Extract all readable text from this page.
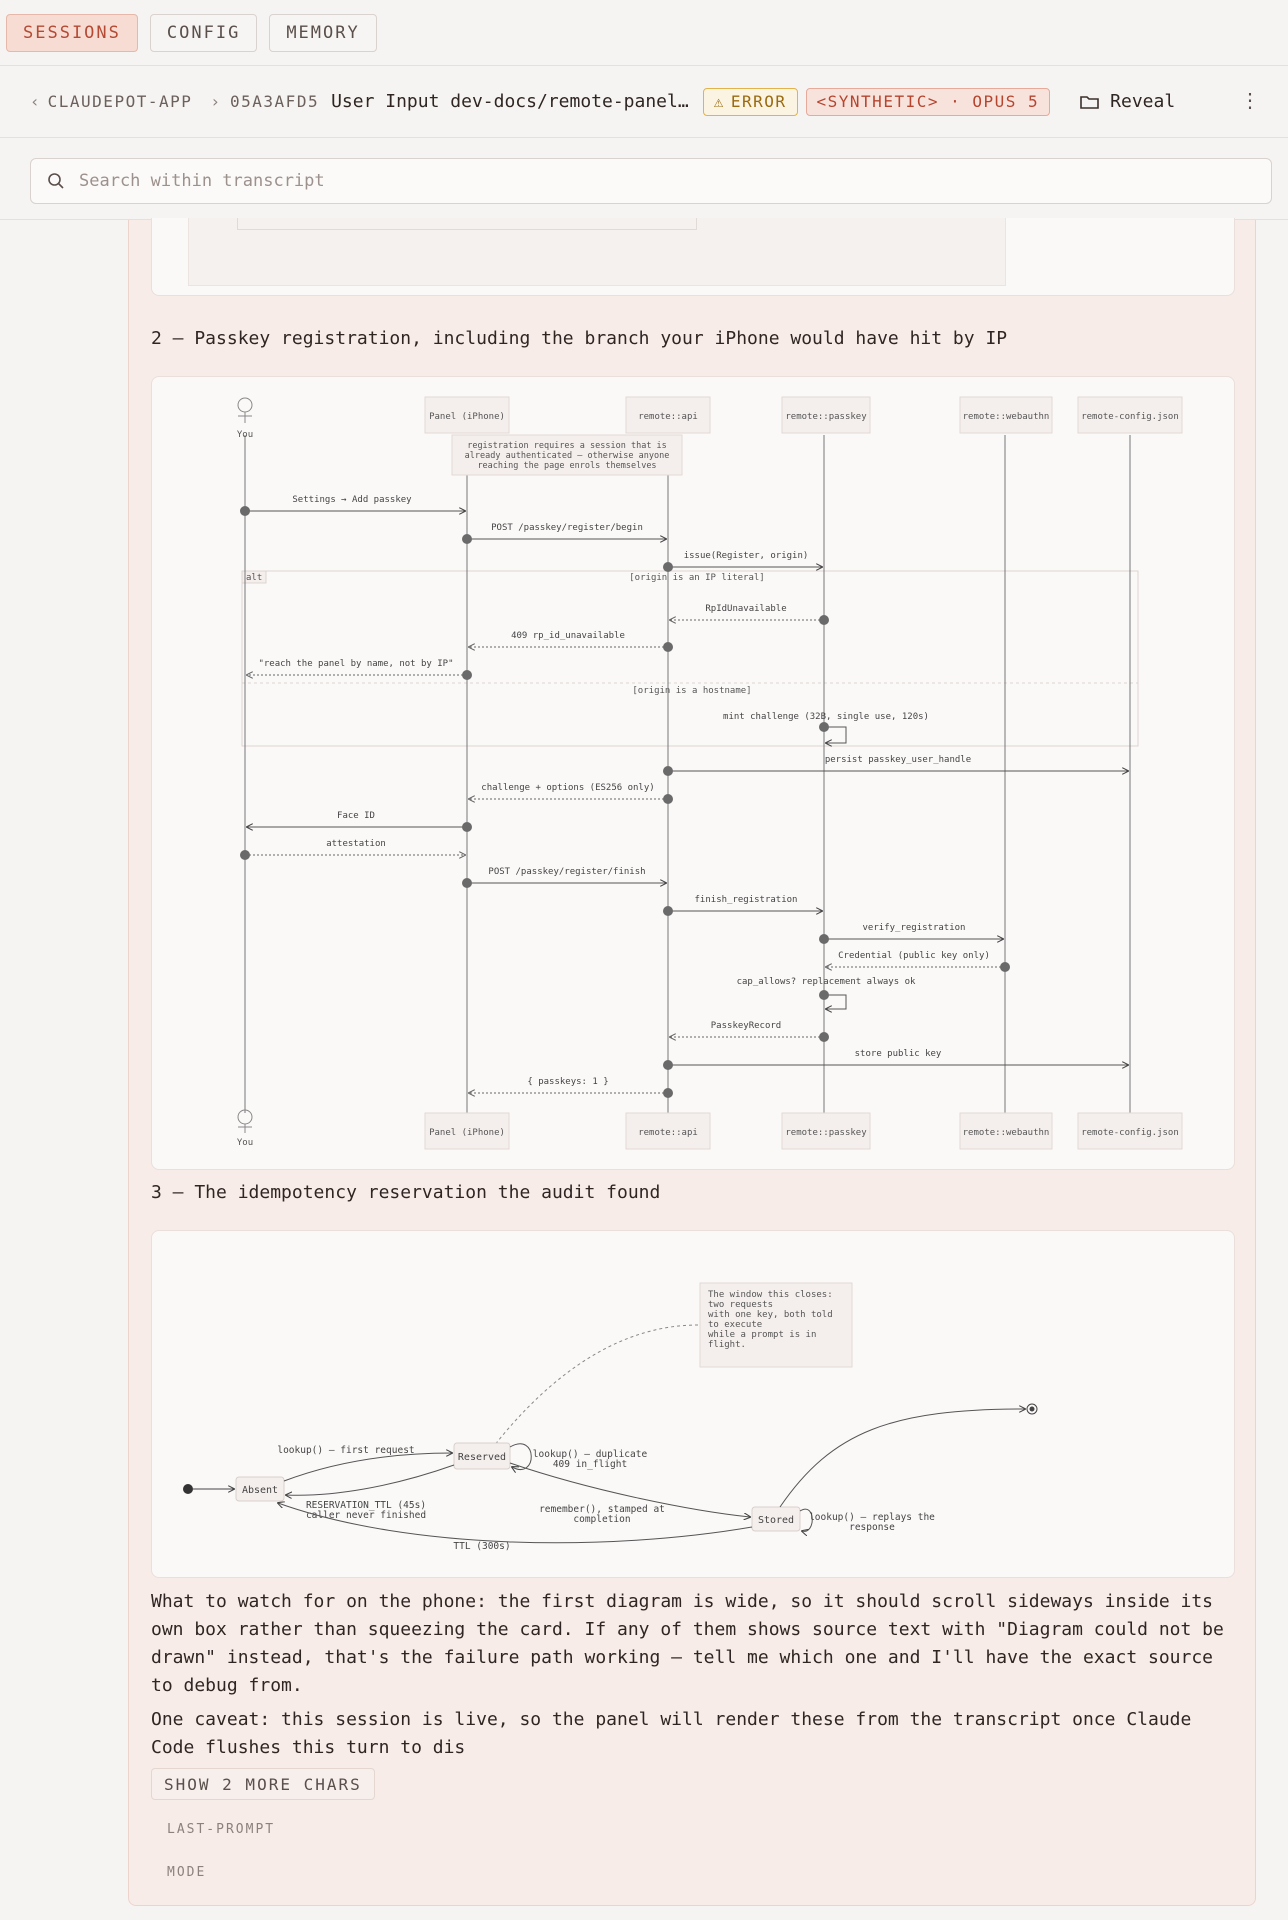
SESSIONS	CONFIG	MEMORY
‹ CLAUDEPOT-APP › 05A3AFD5 User Input dev-docs/remote-panel… ⚠ ERROR	<SYNTHETIC> · OPUS 5	Reveal	⋮
Search within transcript
2 — Passkey registration, including the branch your iPhone would have hit by IP
alt	[origin is an IP literal]
[origin is a hostname]
You
Panel (iPhone)	remote::api	remote::passkey	remote::webauthn	remote-config.json
registration requires a session that is
already authenticated — otherwise anyone
reaching the page enrols themselves
Settings → Add passkey
POST /passkey/register/begin
issue(Register, origin)
RpIdUnavailable
409 rp_id_unavailable
"reach the panel by name, not by IP"
mint challenge (32B, single use, 120s)
persist passkey_user_handle
challenge + options (ES256 only)
Face ID
attestation
POST /passkey/register/finish
finish_registration
verify_registration
Credential (public key only)
cap_allows? replacement always ok
PasskeyRecord
store public key
{ passkeys: 1 }
You
Panel (iPhone)	remote::api	remote::passkey	remote::webauthn	remote-config.json
3 — The idempotency reservation the audit found
The window this closes:
two requests
with one key, both told
to execute
while a prompt is in
flight.
Absent
Reserved
Stored
lookup() — first request	lookup() — duplicate
409 in_flight
RESERVATION_TTL (45s)
caller never finished
remember(), stamped at
completion	lookup() — replays the
response
TTL (300s)
What to watch for on the phone: the first diagram is wide, so it should scroll sideways inside its own box rather than squeezing the card. If any of them shows source text with "Diagram could not be drawn" instead, that's the failure path working — tell me which one and I'll have the exact source to debug from.
One caveat: this session is live, so the panel will render these from the transcript once Claude Code flushes this turn to dis
SHOW 2 MORE CHARS
LAST-PROMPT
MODE
